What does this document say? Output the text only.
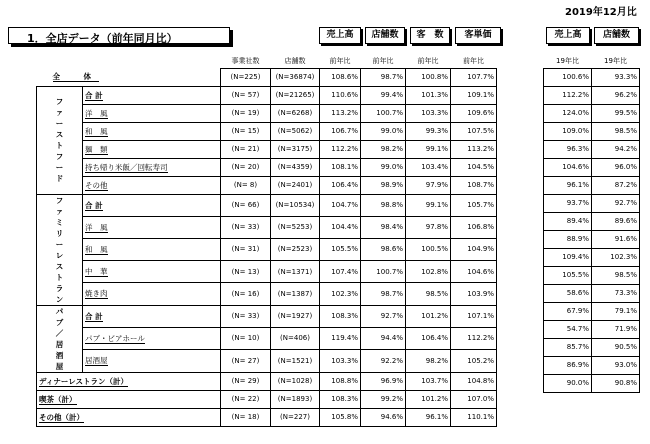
2019年12月比
1．全店データ（前年同月比）	売上高	店舗数	客　数	客単価	売上高	店舗数
		事業社数	店舗数	前年比	前年比	前年比	前年比
全　体		(N=225)	(N=36874)	108.6%	98.7%	100.8%	107.7%

ファーストフード	合 計	(N= 57)	(N=21265)	110.6%	99.4%	101.3%	109.1%
	洋　風	(N= 19)	(N=6268)	113.2%	100.7%	103.3%	109.6%
	和　風	(N= 15)	(N=5062)	106.7%	99.0%	99.3%	107.5%
	麺　類	(N= 21)	(N=3175)	112.2%	98.2%	99.1%	113.2%
	持ち帰り米飯／回転寿司	(N= 20)	(N=4359)	108.1%	99.0%	103.4%	104.5%
	その他	(N= 8)	(N=2401)	106.4%	98.9%	97.9%	108.7%

ファミリーレストラン	合 計	(N= 66)	(N=10534)	104.7%	98.8%	99.1%	105.7%
	洋　風	(N= 33)	(N=5253)	104.4%	98.4%	97.8%	106.8%
	和　風	(N= 31)	(N=2523)	105.5%	98.6%	100.5%	104.9%
	中　華	(N= 13)	(N=1371)	107.4%	100.7%	102.8%	104.6%
	焼き肉	(N= 16)	(N=1387)	102.3%	98.7%	98.5%	103.9%

パブ／居酒屋	合 計	(N= 33)	(N=1927)	108.3%	92.7%	101.2%	107.1%
	パブ・ビアホール	(N= 10)	(N=406)	119.4%	94.4%	106.4%	112.2%
	居酒屋	(N= 27)	(N=1521)	103.3%	92.2%	98.2%	105.2%
ディナーレストラン（計）		(N= 29)	(N=1028)	108.8%	96.9%	103.7%	104.8%
喫茶（計）		(N= 22)	(N=1893)	108.3%	99.2%	101.2%	107.0%
その他（計）		(N= 18)	(N=227)	105.8%	94.6%	96.1%	110.1%
19年比	19年比
100.6%	93.3%
112.2%	96.2%
124.0%	99.5%
109.0%	98.5%
96.3%	94.2%
104.6%	96.0%
96.1%	87.2%
93.7%	92.7%
89.4%	89.6%
88.9%	91.6%
109.4%	102.3%
105.5%	98.5%
58.6%	73.3%
67.9%	79.1%
54.7%	71.9%
85.7%	90.5%
86.9%	93.0%
90.0%	90.8%
